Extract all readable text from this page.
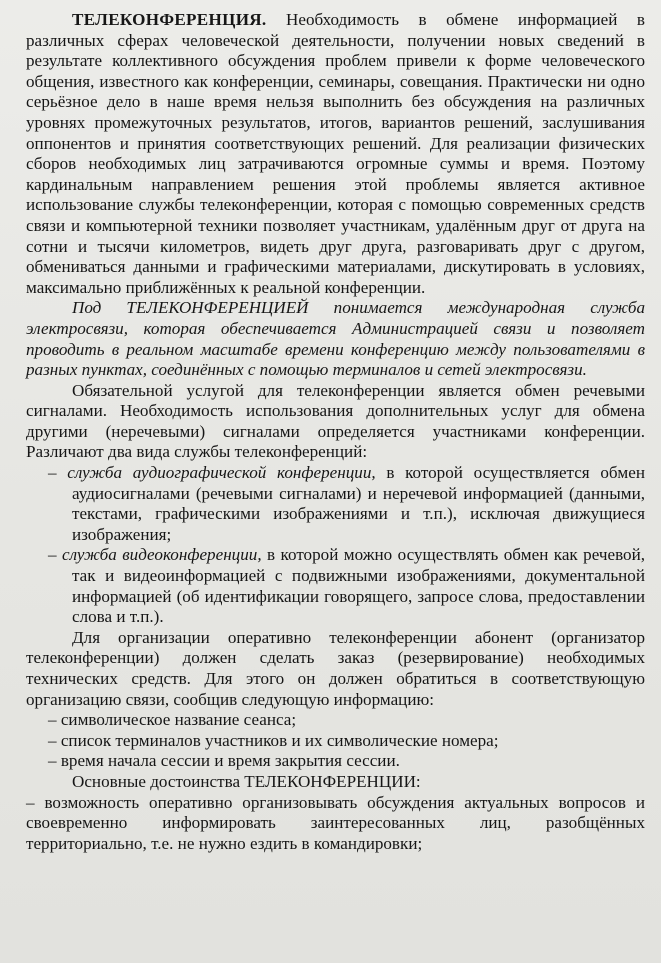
ТЕЛЕКОНФЕРЕНЦИЯ. Необходимость в обмене информацией в различных сферах человеческой деятельности, получении новых сведений в результате коллективного обсуждения проблем привели к форме человеческого общения, известного как конференции, семинары, совещания. Практически ни одно серьёзное дело в наше время нельзя выполнить без обсуждения на различных уровнях промежуточных результатов, итогов, вариантов решений, заслушивания оппонентов и принятия соответствующих решений. Для реализации физических сборов необходимых лиц затрачиваются огромные суммы и время. Поэтому кардинальным направлением решения этой проблемы является активное использование службы телеконференции, которая с помощью современных средств связи и компьютерной техники позволяет участникам, удалённым друг от друга на сотни и тысячи километров, видеть друг друга, разговаривать друг с другом, обмениваться данными и графическими материалами, дискутировать в условиях, максимально приближённых к реальной конференции.

Под ТЕЛЕКОНФЕРЕНЦИЕЙ понимается международная служба электросвязи, которая обеспечивается Администрацией связи и позволяет проводить в реальном масштабе времени конференцию между пользователями в разных пунктах, соединённых с помощью терминалов и сетей электросвязи.

Обязательной услугой для телеконференции является обмен речевыми сигналами. Необходимость использования дополнительных услуг для обмена другими (неречевыми) сигналами определяется участниками конференции. Различают два вида службы телеконференций:

– служба аудиографической конференции, в которой осуществляется обмен аудиосигналами (речевыми сигналами) и неречевой информацией (данными, текстами, графическими изображениями и т.п.), исключая движущиеся изображения;

– служба видеоконференции, в которой можно осуществлять обмен как речевой, так и видеоинформацией с подвижными изображениями, документальной информацией (об идентификации говорящего, запросе слова, предоставлении слова и т.п.).

Для организации оперативно телеконференции абонент (организатор телеконференции) должен сделать заказ (резервирование) необходимых технических средств. Для этого он должен обратиться в соответствующую организацию связи, сообщив следующую информацию:

– символическое название сеанса;

– список терминалов участников и их символические номера;

– время начала сессии и время закрытия сессии.

Основные достоинства ТЕЛЕКОНФЕРЕНЦИИ:

– возможность оперативно организовывать обсуждения актуальных вопросов и своевременно информировать заинтересованных лиц, разобщённых территориально, т.е. не нужно ездить в командировки;
